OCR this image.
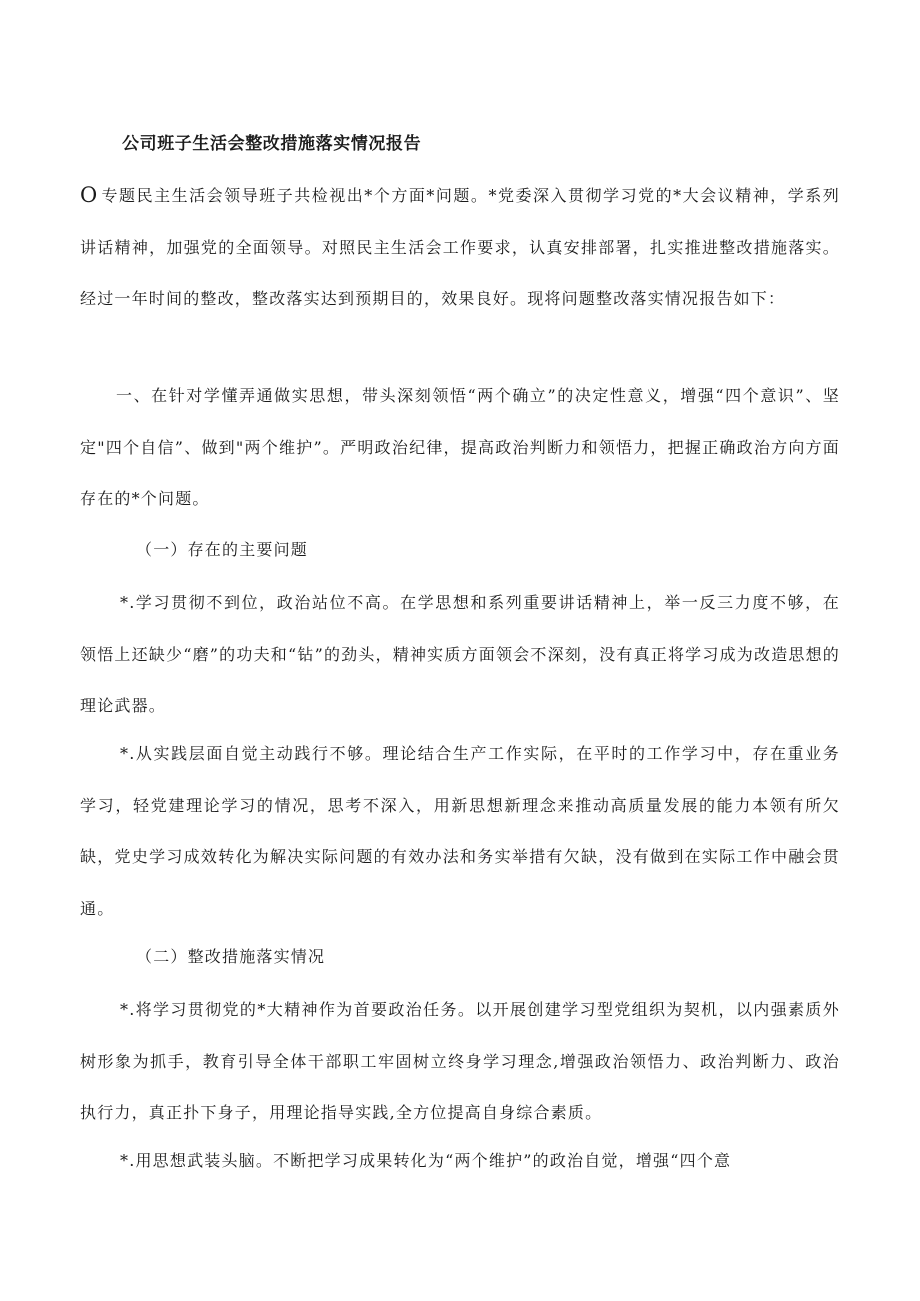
公司班子生活会整改措施落实情况报告

O 专题民主生活会领导班子共检视出*个方面*问题。*党委深入贯彻学习党的*大会议精神，学系列讲话精神，加强党的全面领导。对照民主生活会工作要求，认真安排部署，扎实推进整改措施落实。经过一年时间的整改，整改落实达到预期目的，效果良好。现将问题整改落实情况报告如下：

一、在针对学懂弄通做实思想，带头深刻领悟“两个确立”的决定性意义，增强“四个意识”、坚定"四个自信”、做到"两个维护”。严明政治纪律，提高政治判断力和领悟力，把握正确政治方向方面存在的*个问题。

（一）存在的主要问题

*.学习贯彻不到位，政治站位不高。在学思想和系列重要讲话精神上，举一反三力度不够，在领悟上还缺少“磨”的功夫和“钻”的劲头，精神实质方面领会不深刻，没有真正将学习成为改造思想的理论武器。

*.从实践层面自觉主动践行不够。理论结合生产工作实际，在平时的工作学习中，存在重业务学习，轻党建理论学习的情况，思考不深入，用新思想新理念来推动高质量发展的能力本领有所欠缺，党史学习成效转化为解决实际问题的有效办法和务实举措有欠缺，没有做到在实际工作中融会贯通。

（二）整改措施落实情况

*.将学习贯彻党的*大精神作为首要政治任务。以开展创建学习型党组织为契机，以内强素质外树形象为抓手，教育引导全体干部职工牢固树立终身学习理念,增强政治领悟力、政治判断力、政治执行力，真正扑下身子，用理论指导实践,全方位提高自身综合素质。

*.用思想武装头脑。不断把学习成果转化为“两个维护”的政治自觉，增强“四个意
